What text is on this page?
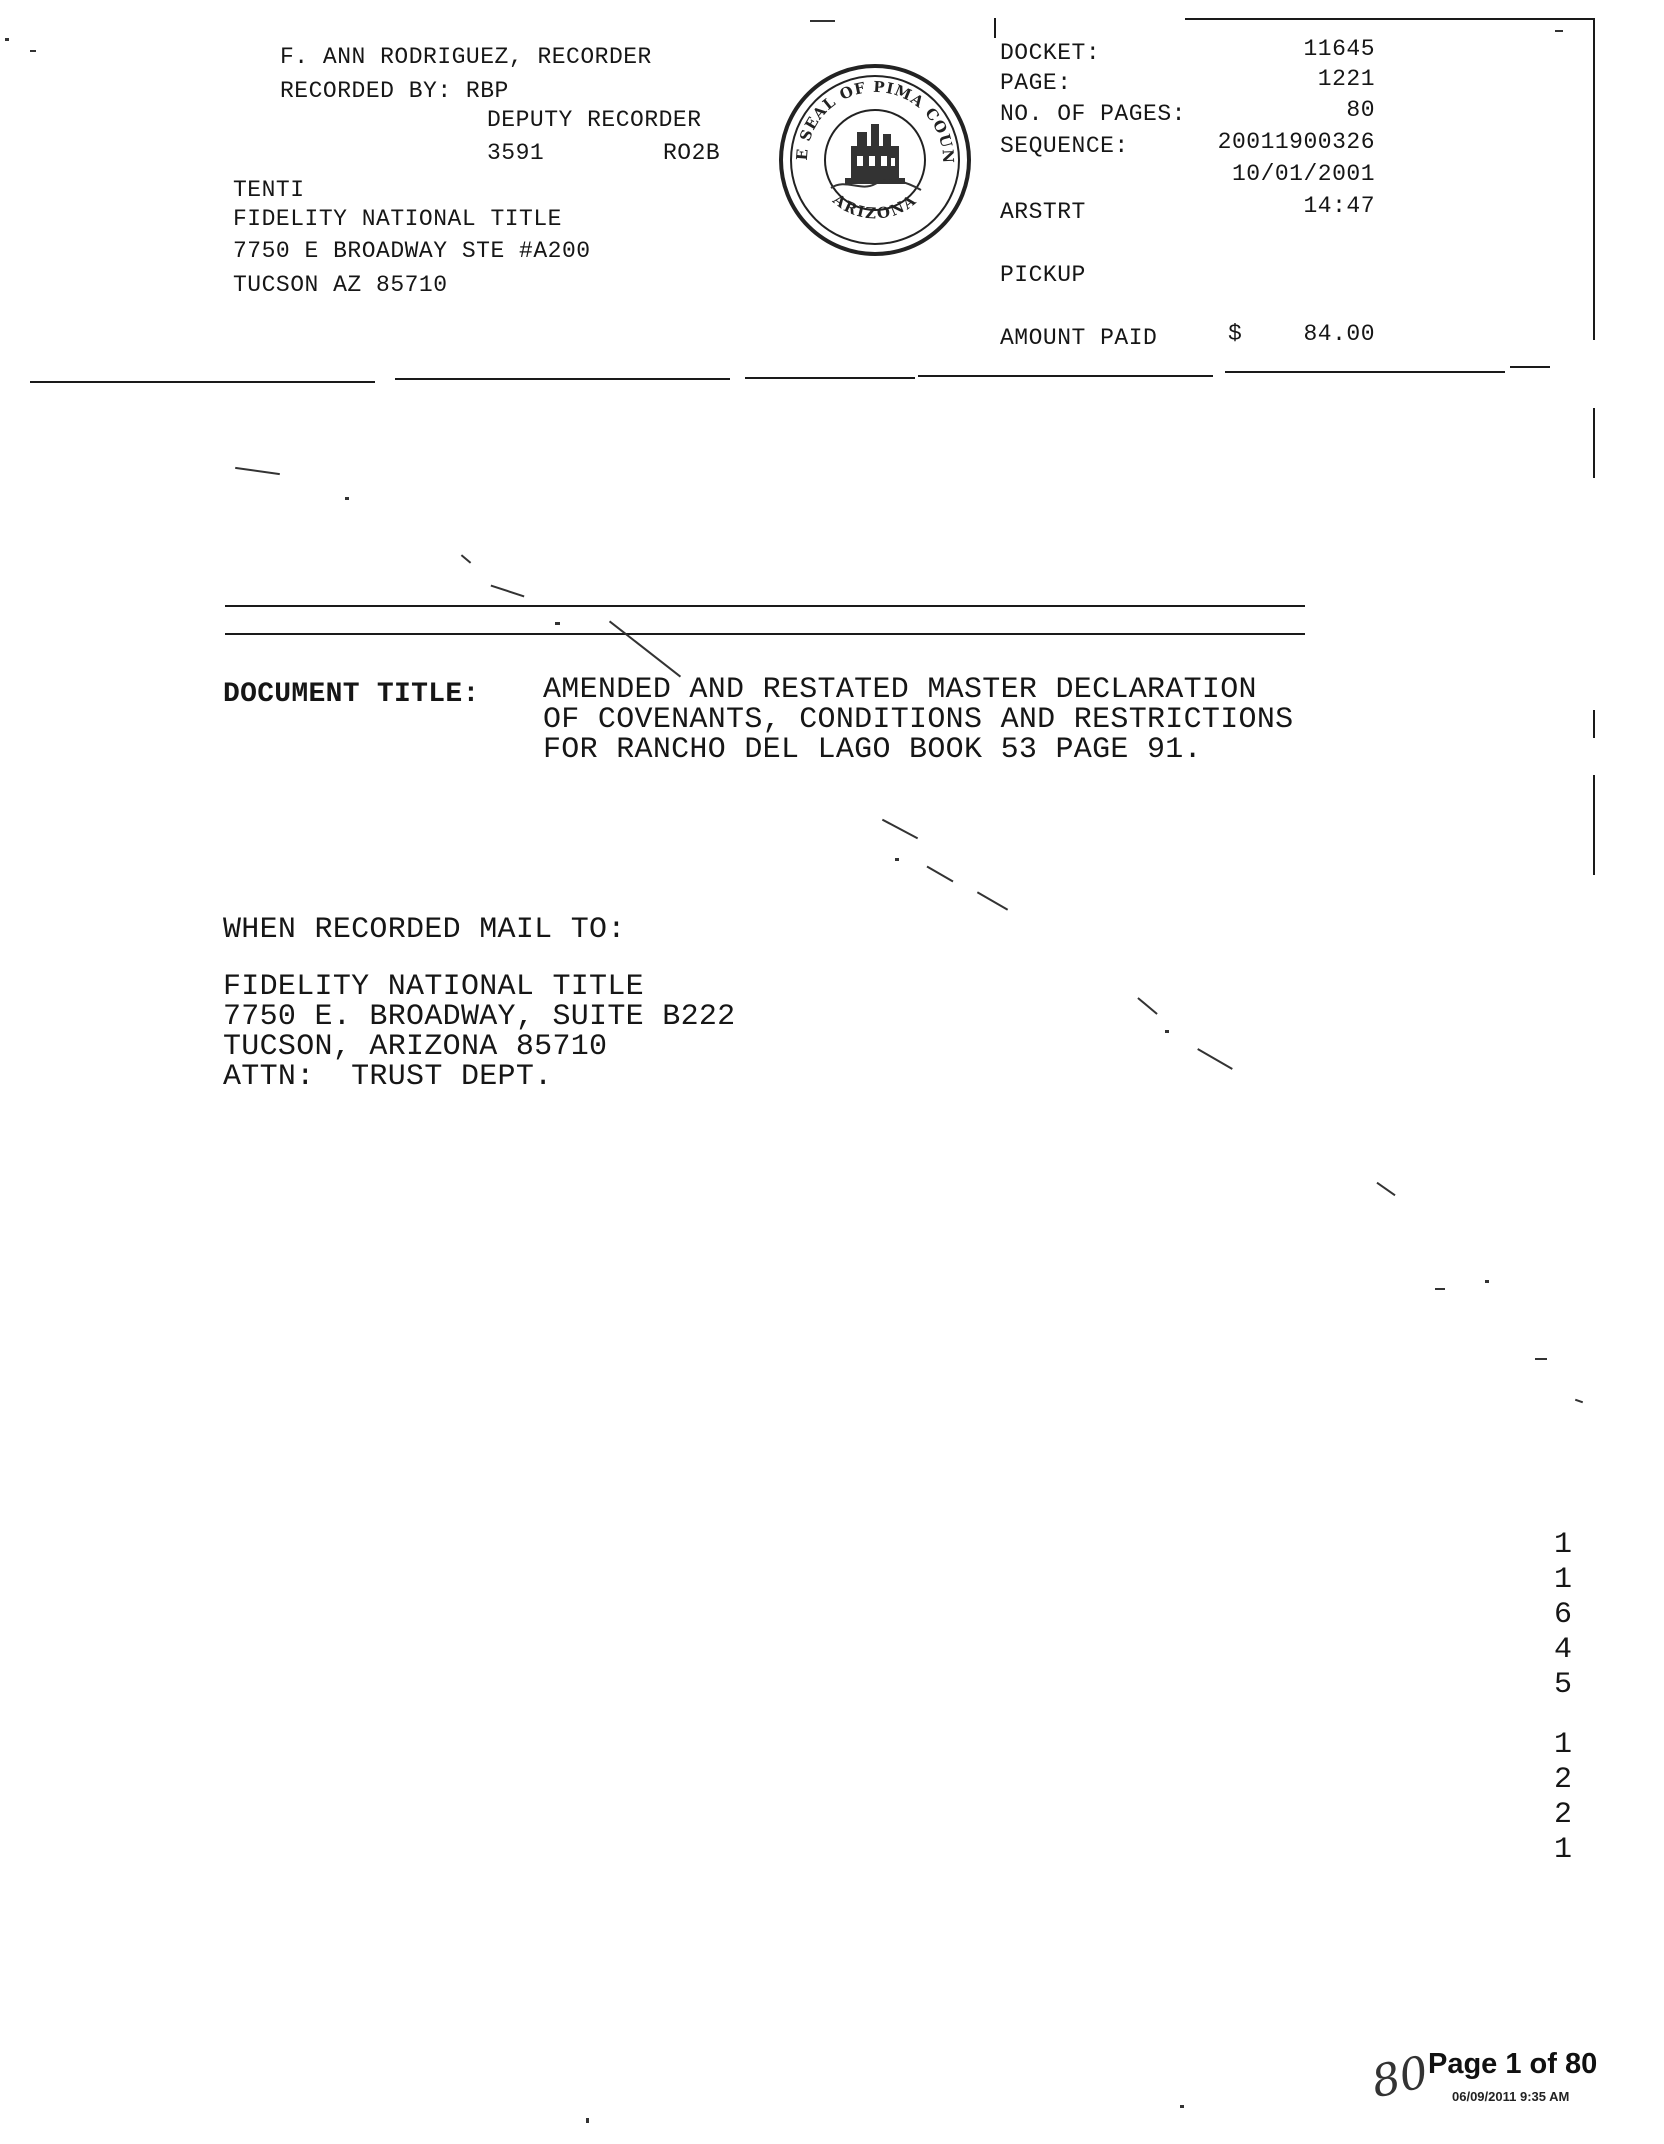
F. ANN RODRIGUEZ, RECORDER
RECORDED BY: RBP
DEPUTY RECORDER
3591	RO2B
TENTI
FIDELITY NATIONAL TITLE
7750 E BROADWAY STE #A200
TUCSON AZ 85710
E SEAL OF PIMA COUN
ARIZONA
DOCKET:	11645
PAGE:	1221
NO. OF PAGES:	80
SEQUENCE:	20011900326
10/01/2001
ARSTRT	14:47
PICKUP
AMOUNT PAID	$	84.00
DOCUMENT TITLE: AMENDED AND RESTATED MASTER DECLARATION
OF COVENANTS, CONDITIONS AND RESTRICTIONS
FOR RANCHO DEL LAGO BOOK 53 PAGE 91.
WHEN RECORDED MAIL TO:
FIDELITY NATIONAL TITLE
7750 E. BROADWAY, SUITE B222
TUCSON, ARIZONA 85710
ATTN:  TRUST DEPT.
1
1
6
4
5
1
2
2
1
80
Page 1 of 80
06/09/2011 9:35 AM
